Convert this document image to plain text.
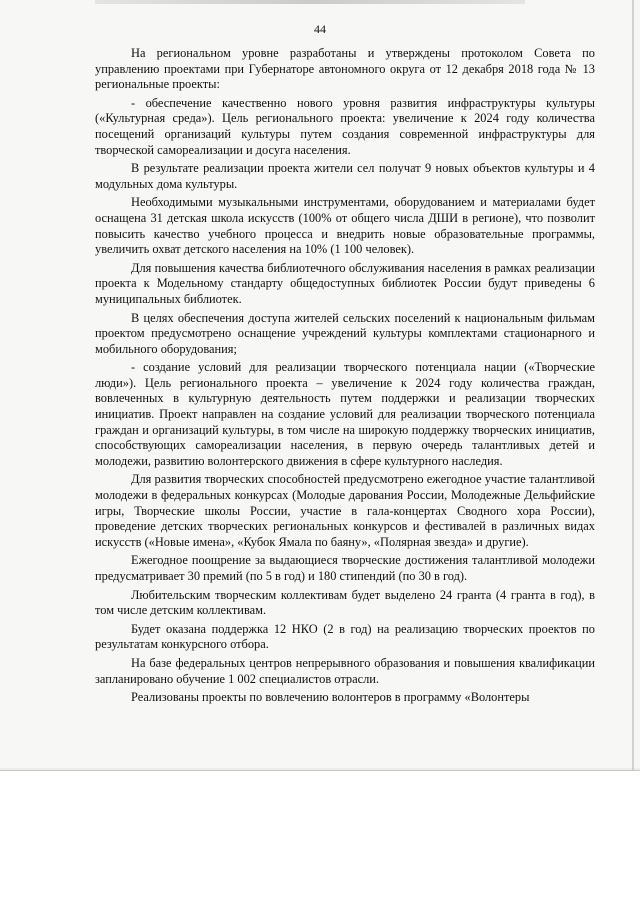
44

На региональном уровне разработаны и утверждены протоколом Совета по управлению проектами при Губернаторе автономного округа от 12 декабря 2018 года № 13 региональные проекты:

- обеспечение качественно нового уровня развития инфраструктуры культуры («Культурная среда»). Цель регионального проекта: увеличение к 2024 году количества посещений организаций культуры путем создания современной инфраструктуры для творческой самореализации и досуга населения.

В результате реализации проекта жители сел получат 9 новых объектов культуры и 4 модульных дома культуры.

Необходимыми музыкальными инструментами, оборудованием и материалами будет оснащена 31 детская школа искусств (100% от общего числа ДШИ в регионе), что позволит повысить качество учебного процесса и внедрить новые образовательные программы, увеличить охват детского населения на 10% (1 100 человек).

Для повышения качества библиотечного обслуживания населения в рамках реализации проекта к Модельному стандарту общедоступных библиотек России будут приведены 6 муниципальных библиотек.

В целях обеспечения доступа жителей сельских поселений к национальным фильмам проектом предусмотрено оснащение учреждений культуры комплектами стационарного и мобильного оборудования;

- создание условий для реализации творческого потенциала нации («Творческие люди»). Цель регионального проекта – увеличение к 2024 году количества граждан, вовлеченных в культурную деятельность путем поддержки и реализации творческих инициатив. Проект направлен на создание условий для реализации творческого потенциала граждан и организаций культуры, в том числе на широкую поддержку творческих инициатив, способствующих самореализации населения, в первую очередь талантливых детей и молодежи, развитию волонтерского движения в сфере культурного наследия.

Для развития творческих способностей предусмотрено ежегодное участие талантливой молодежи в федеральных конкурсах (Молодые дарования России, Молодежные Дельфийские игры, Творческие школы России, участие в гала-концертах Сводного хора России), проведение детских творческих региональных конкурсов и фестивалей в различных видах искусств («Новые имена», «Кубок Ямала по баяну», «Полярная звезда» и другие).

Ежегодное поощрение за выдающиеся творческие достижения талантливой молодежи предусматривает 30 премий (по 5 в год) и 180 стипендий (по 30 в год).

Любительским творческим коллективам будет выделено 24 гранта (4 гранта в год), в том числе детским коллективам.

Будет оказана поддержка 12 НКО (2 в год) на реализацию творческих проектов по результатам конкурсного отбора.

На базе федеральных центров непрерывного образования и повышения квалификации запланировано обучение 1 002 специалистов отрасли.

Реализованы проекты по вовлечению волонтеров в программу «Волонтеры
